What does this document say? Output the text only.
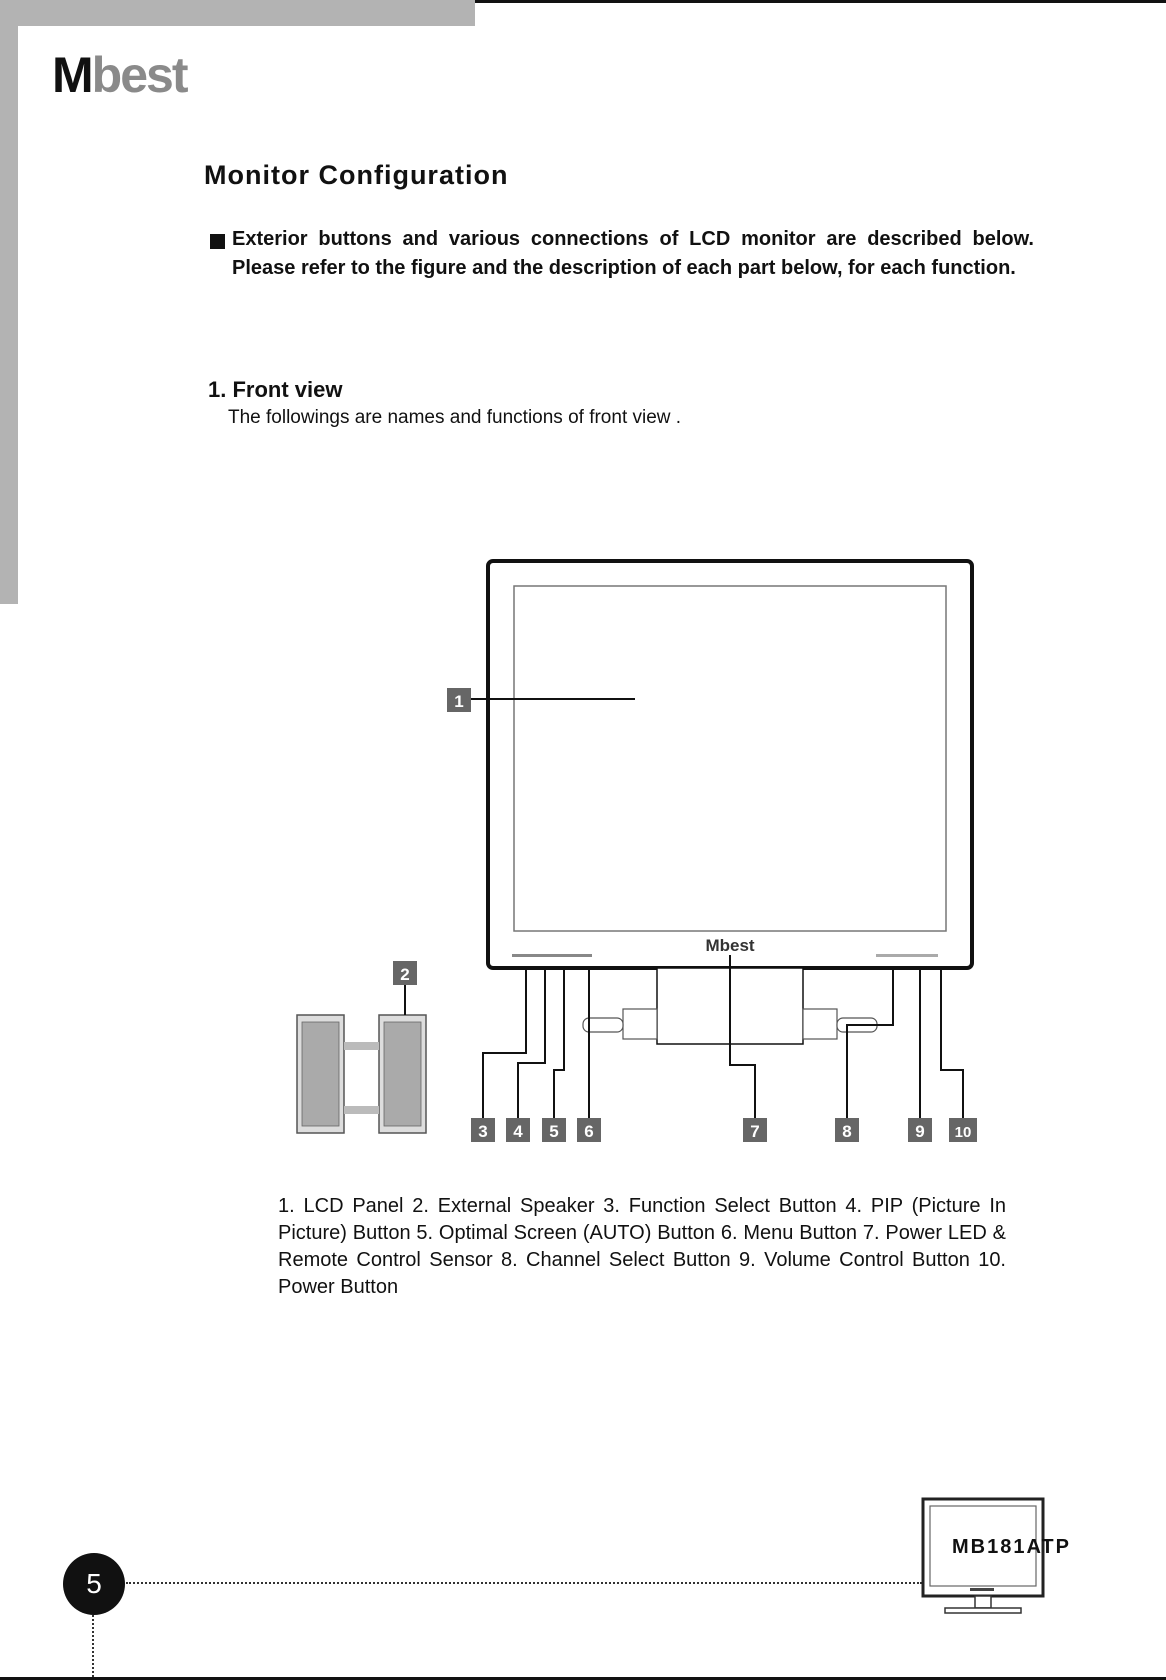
Mbest
Monitor Configuration

Exterior buttons and various connections of LCD monitor are described below. Please refer to the figure and the description of each part below, for each function.

1. Front view

The followings are names and functions of front view .

Mbest
1
2
3 4 5 6	7	8	9 10

1. LCD Panel 2. External Speaker 3. Function Select Button 4. PIP (Picture In Picture) Button 5. Optimal Screen (AUTO) Button 6. Menu Button 7. Power LED & Remote Control Sensor 8. Channel Select Button 9. Volume Control Button 10. Power Button

5

MB181ATP
